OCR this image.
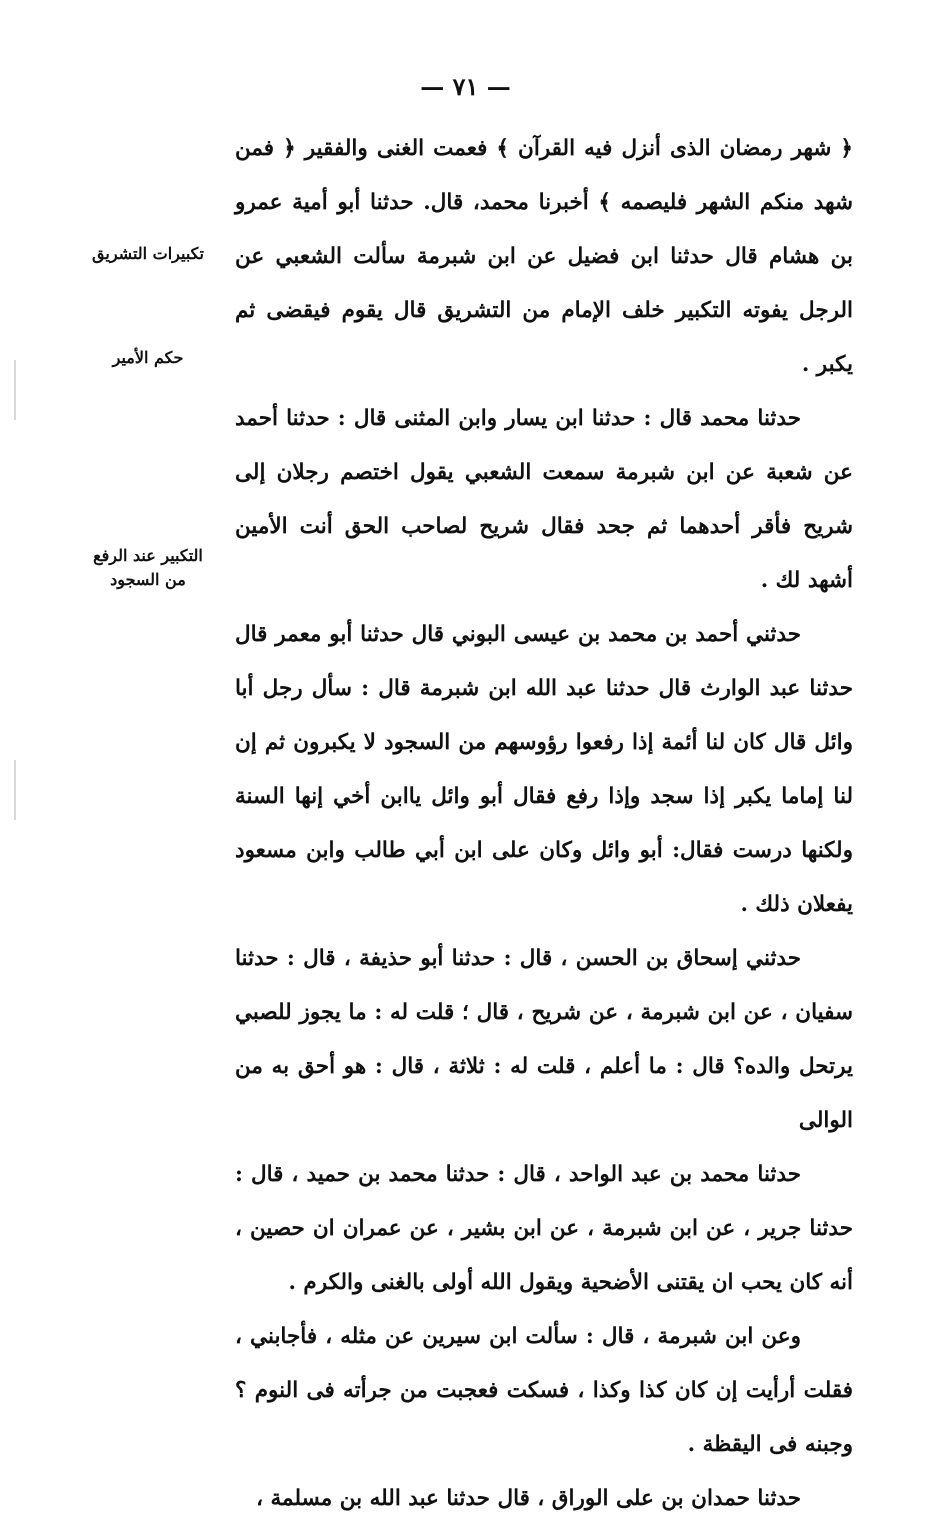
— ٧١ —
تكبيرات التشريق
حكم الأمير
التكبير عند الرفع من السجود

﴿ شهر رمضان الذى أنزل فيه القرآن ﴾ فعمت الغنى والفقير ﴿ فمن شهد منكم الشهر فليصمه ﴾ أخبرنا محمد، قال. حدثنا أبو أمية عمرو بن هشام قال حدثنا ابن فضيل عن ابن شبرمة سألت الشعبي عن الرجل يفوته التكبير خلف الإمام من التشريق قال يقوم فيقضى ثم يكبر .

حدثنا محمد قال : حدثنا ابن يسار وابن المثنى قال : حدثنا أحمد عن شعبة عن ابن شبرمة سمعت الشعبي يقول اختصم رجلان إلى شريح فأقر أحدهما ثم جحد فقال شريح لصاحب الحق أنت الأمين أشهد لك .

حدثني أحمد بن محمد بن عيسى البوني قال حدثنا أبو معمر قال حدثنا عبد الوارث قال حدثنا عبد الله ابن شبرمة قال : سأل رجل أبا وائل قال كان لنا أئمة إذا رفعوا رؤوسهم من السجود لا يكبرون ثم إن لنا إماما يكبر إذا سجد وإذا رفع فقال أبو وائل ياابن أخي إنها السنة ولكنها درست فقال: أبو وائل وكان على ابن أبي طالب وابن مسعود يفعلان ذلك .

حدثني إسحاق بن الحسن ، قال : حدثنا أبو حذيفة ، قال : حدثنا سفيان ، عن ابن شبرمة ، عن شريح ، قال ؛ قلت له : ما يجوز للصبي يرتحل والده؟ قال : ما أعلم ، قلت له : ثلاثة ، قال : هو أحق به من الوالى

حدثنا محمد بن عبد الواحد ، قال : حدثنا محمد بن حميد ، قال : حدثنا جرير ، عن ابن شبرمة ، عن ابن بشير ، عن عمران ان حصين ، أنه كان يحب ان يقتنى الأضحية ويقول الله أولى بالغنى والكرم .

وعن ابن شبرمة ، قال : سألت ابن سيرين عن مثله ، فأجابني ، فقلت أرأيت إن كان كذا وكذا ، فسكت فعجبت من جرأته فى النوم ؟ وجبنه فى اليقظة .

حدثنا حمدان بن على الوراق ، قال حدثنا عبد الله بن مسلمة ،
